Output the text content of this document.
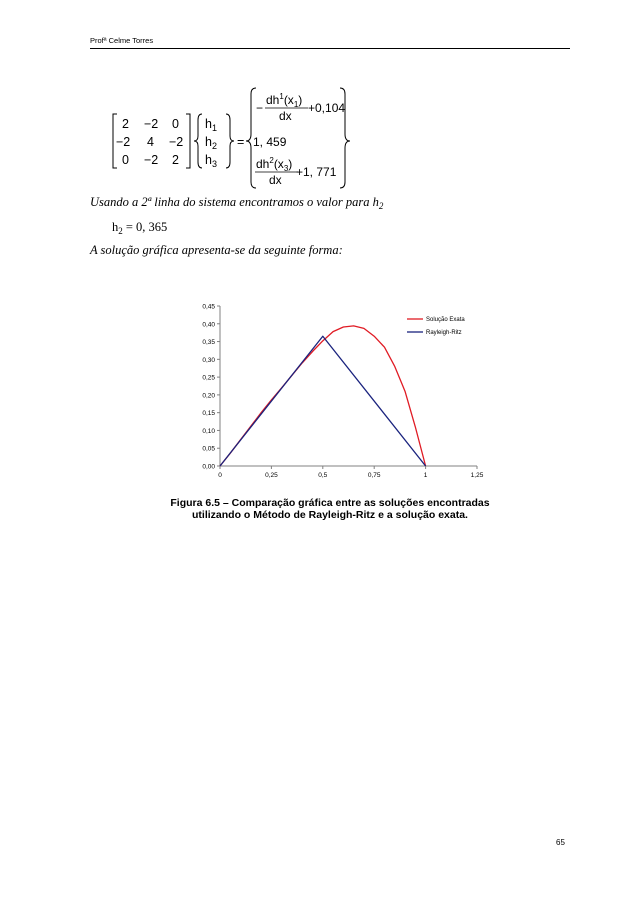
Profª Celme Torres
2 −2 0
−2 4 −2
0 −2 2
$h_1$
$h_2$
$h_3$
=
−
$dh^1(x_1)$
dx
+0,104
1, 459
$dh^2(x_3)$
dx
+1, 771
Usando a 2ª linha do sistema encontramos o valor para $h_2$
$h_2 = 0$, 365
A solução gráfica apresenta-se da seguinte forma:
0,00
0,05
0,10
0,15
0,20
0,25
0,30
0,35
0,40
0,45
0	0,25	0,5	0,75	1	1,25
Solução Exata
Rayleigh-Ritz
Figura 6.5 – Comparação gráfica entre as soluções encontradas
utilizando o Método de Rayleigh-Ritz e a solução exata.
65
